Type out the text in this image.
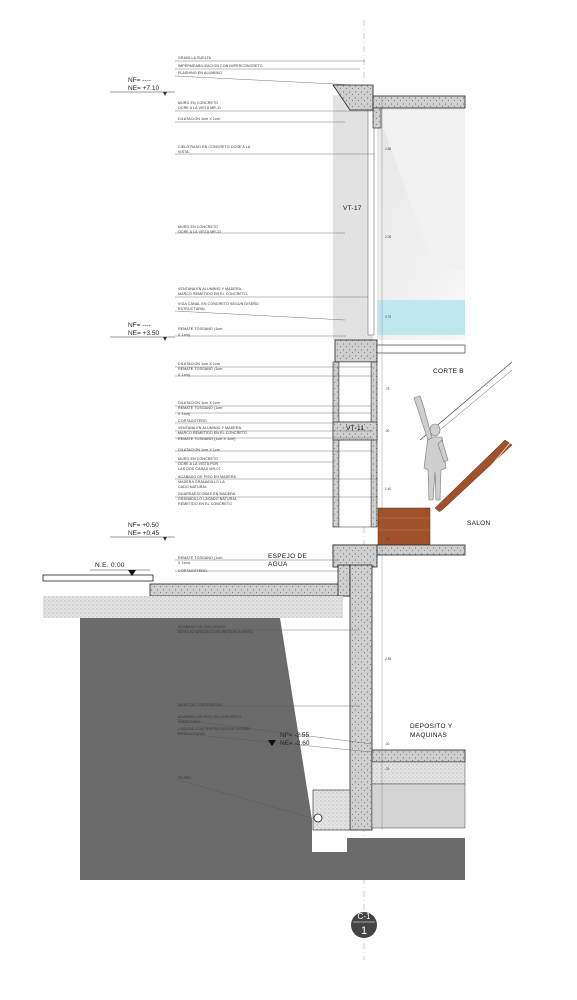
GRAVILLA SUELTA
IMPERMEABILIZACION CON IMPERCONCRETO
FLASHING EN ALUMINIO
MURO EN CONCRETO
OCRE A LA VISTA MR-11
DILATACION 1cm X 1cm
CIELO RASO EN CONCRETO OCRE A LA
VISTA.
MURO EN CONCRETO
OCRE A LA VISTA MR-11
VENTANA EN ALUMINIO Y MADERA.
MARCO REMETIDO EN EL CONCRETO.
VIGA CANAL EN CONCRETO SEGUN DISEÑO
ESTRUCTURAL
REMATE TOSGANO (1cm
X 1cm)
DILATACION 1cm X 1cm
REMATE TOSGANO (1cm
X 1cm)
DILATACION 1cm X 1cm
REMATE TOSGANO (1cm
X 1cm)
CORTAGOTERO.
VENTANA EN ALUMINIO Y MADERA.
MARCO REMETIDO EN EL CONCRETO.
REMATE TOSGANO (1cm X 1cm)
DILATACION 1cm X 1cm
MURO EN CONCRETO
OCRE A LA VISTA POR
LAS DOS CARAS MR-07
ACABADO DE PISO EN MADERA
MADERA GRANADILLO LA
CADO NATURAL
GUARDAESCOBAS EN MADERA
GRANADILLO LACADO NATURAL
REMETIDO EN EL CONCRETO
REMATE TOSGANO (1cm
X 1cm)
CORTAGOTERO.
ACABADO DE CIELORASO
ESTRUCTURA EN CONCRETO A LA VISTA
MURO DE CONTENCION
ACABADO DE PISO EN CONCRETO
ESMALTADO
LOSA DE CONTRAPISO SEGUN DISEÑO
ESTRUCTURAL
FILTRO
NF= ----
NE= +7.10
NF= ----
NE= +3.50
NF= +0.50
NE= +0.45
N.E. 0.00
NF= -2.55
NE= -2.60
VT-17
VT-11
CORTE B
SALON
ESPEJO DE
AGUA
DEPOSITO Y
MAQUINAS
2.85
2.05
0.75
.75
.30
1.40
.50
2.85
.30
.25
C-1
1
